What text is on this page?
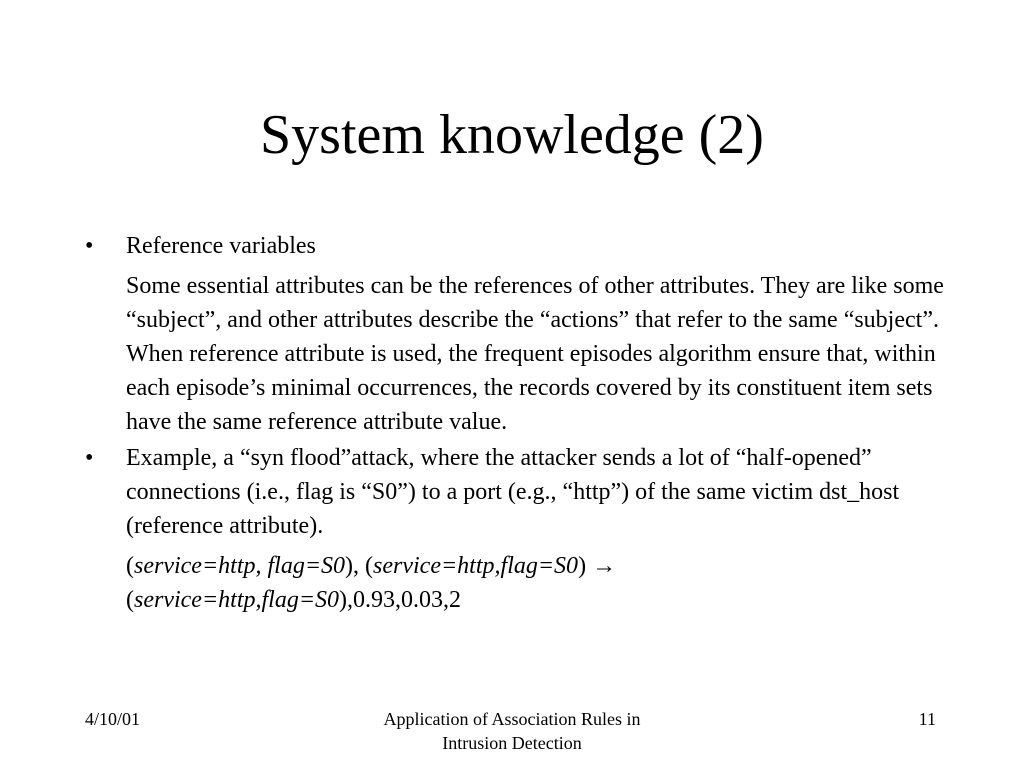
System knowledge (2)
• Reference variables
Some essential attributes can be the references of other attributes. They are like some “subject”, and other attributes describe the “actions” that refer to the same “subject”. When reference attribute is used, the frequent episodes algorithm ensure that, within each episode’s minimal occurrences, the records covered by its constituent item sets have the same reference attribute value.
• Example, a “syn flood”attack, where the attacker sends a lot of “half-opened” connections (i.e., flag is “S0”) to a port (e.g., “http”) of the same victim dst_host (reference attribute).
(service=http, flag=S0), (service=http,flag=S0) →
(service=http,flag=S0),0.93,0.03,2
4/10/01	Application of Association Rules in
Intrusion Detection
11
